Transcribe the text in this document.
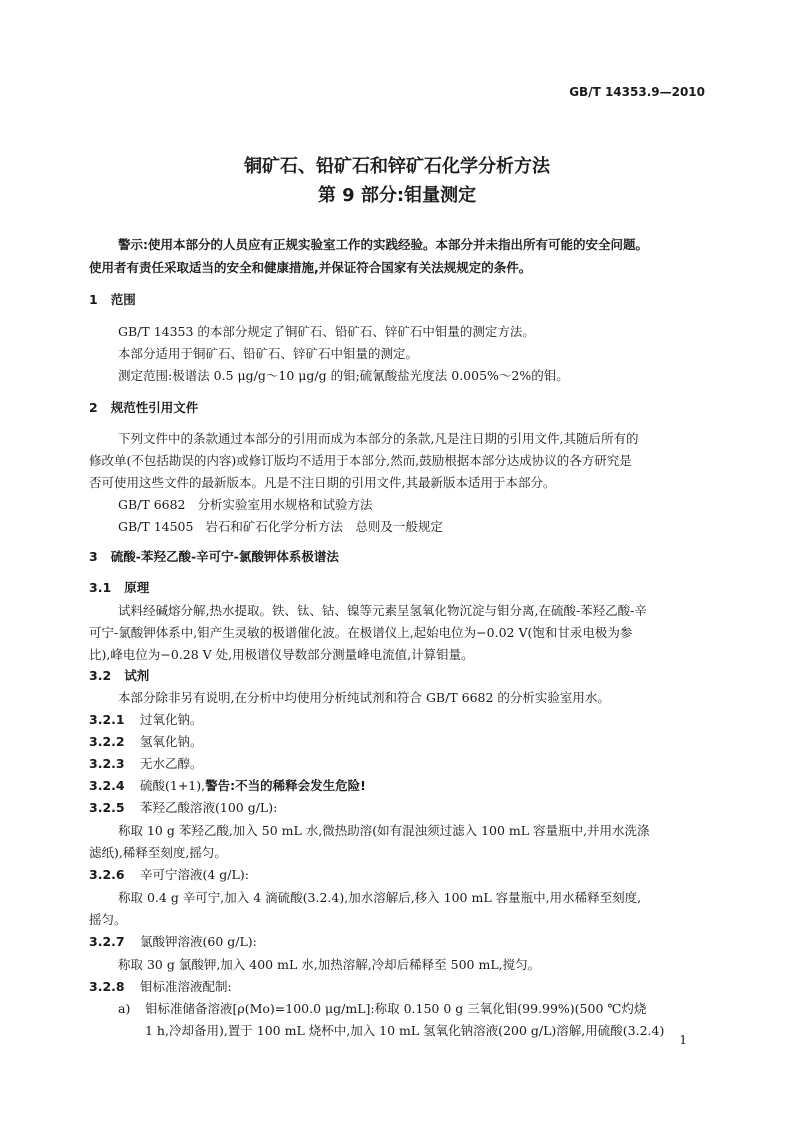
GB/T 14353.9—2010
铜矿石、铅矿石和锌矿石化学分析方法
第 9 部分:钼量测定
警示:使用本部分的人员应有正规实验室工作的实践经验。本部分并未指出所有可能的安全问题。
使用者有责任采取适当的安全和健康措施,并保证符合国家有关法规规定的条件。
1 范围
GB/T 14353 的本部分规定了铜矿石、铅矿石、锌矿石中钼量的测定方法。
本部分适用于铜矿石、铅矿石、锌矿石中钼量的测定。
测定范围:极谱法 0.5 μg/g～10 μg/g 的钼;硫氰酸盐光度法 0.005%～2%的钼。
2 规范性引用文件
下列文件中的条款通过本部分的引用而成为本部分的条款,凡是注日期的引用文件,其随后所有的
修改单(不包括勘误的内容)或修订版均不适用于本部分,然而,鼓励根据本部分达成协议的各方研究是
否可使用这些文件的最新版本。凡是不注日期的引用文件,其最新版本适用于本部分。
GB/T 6682 分析实验室用水规格和试验方法
GB/T 14505 岩石和矿石化学分析方法　总则及一般规定
3 硫酸-苯羟乙酸-辛可宁-氯酸钾体系极谱法
3.1 原理
试料经碱熔分解,热水提取。铁、钛、钴、镍等元素呈氢氧化物沉淀与钼分离,在硫酸-苯羟乙酸-辛
可宁-氯酸钾体系中,钼产生灵敏的极谱催化波。在极谱仪上,起始电位为−0.02 V(饱和甘汞电极为参
比),峰电位为−0.28 V 处,用极谱仪导数部分测量峰电流值,计算钼量。
3.2 试剂
本部分除非另有说明,在分析中均使用分析纯试剂和符合 GB/T 6682 的分析实验室用水。
3.2.1 过氧化钠。
3.2.2 氢氧化钠。
3.2.3 无水乙醇。
3.2.4 硫酸(1+1),警告:不当的稀释会发生危险!
3.2.5 苯羟乙酸溶液(100 g/L):
称取 10 g 苯羟乙酸,加入 50 mL 水,微热助溶(如有混浊须过滤入 100 mL 容量瓶中,并用水洗涤
滤纸),稀释至刻度,摇匀。
3.2.6 辛可宁溶液(4 g/L):
称取 0.4 g 辛可宁,加入 4 滴硫酸(3.2.4),加水溶解后,移入 100 mL 容量瓶中,用水稀释至刻度,
摇匀。
3.2.7 氯酸钾溶液(60 g/L):
称取 30 g 氯酸钾,加入 400 mL 水,加热溶解,冷却后稀释至 500 mL,搅匀。
3.2.8 钼标准溶液配制:
a) 钼标准储备溶液[ρ(Mo)=100.0 μg/mL]:称取 0.150 0 g 三氧化钼(99.99%)(500 ℃灼烧
1 h,冷却备用),置于 100 mL 烧杯中,加入 10 mL 氢氧化钠溶液(200 g/L)溶解,用硫酸(3.2.4)
1
